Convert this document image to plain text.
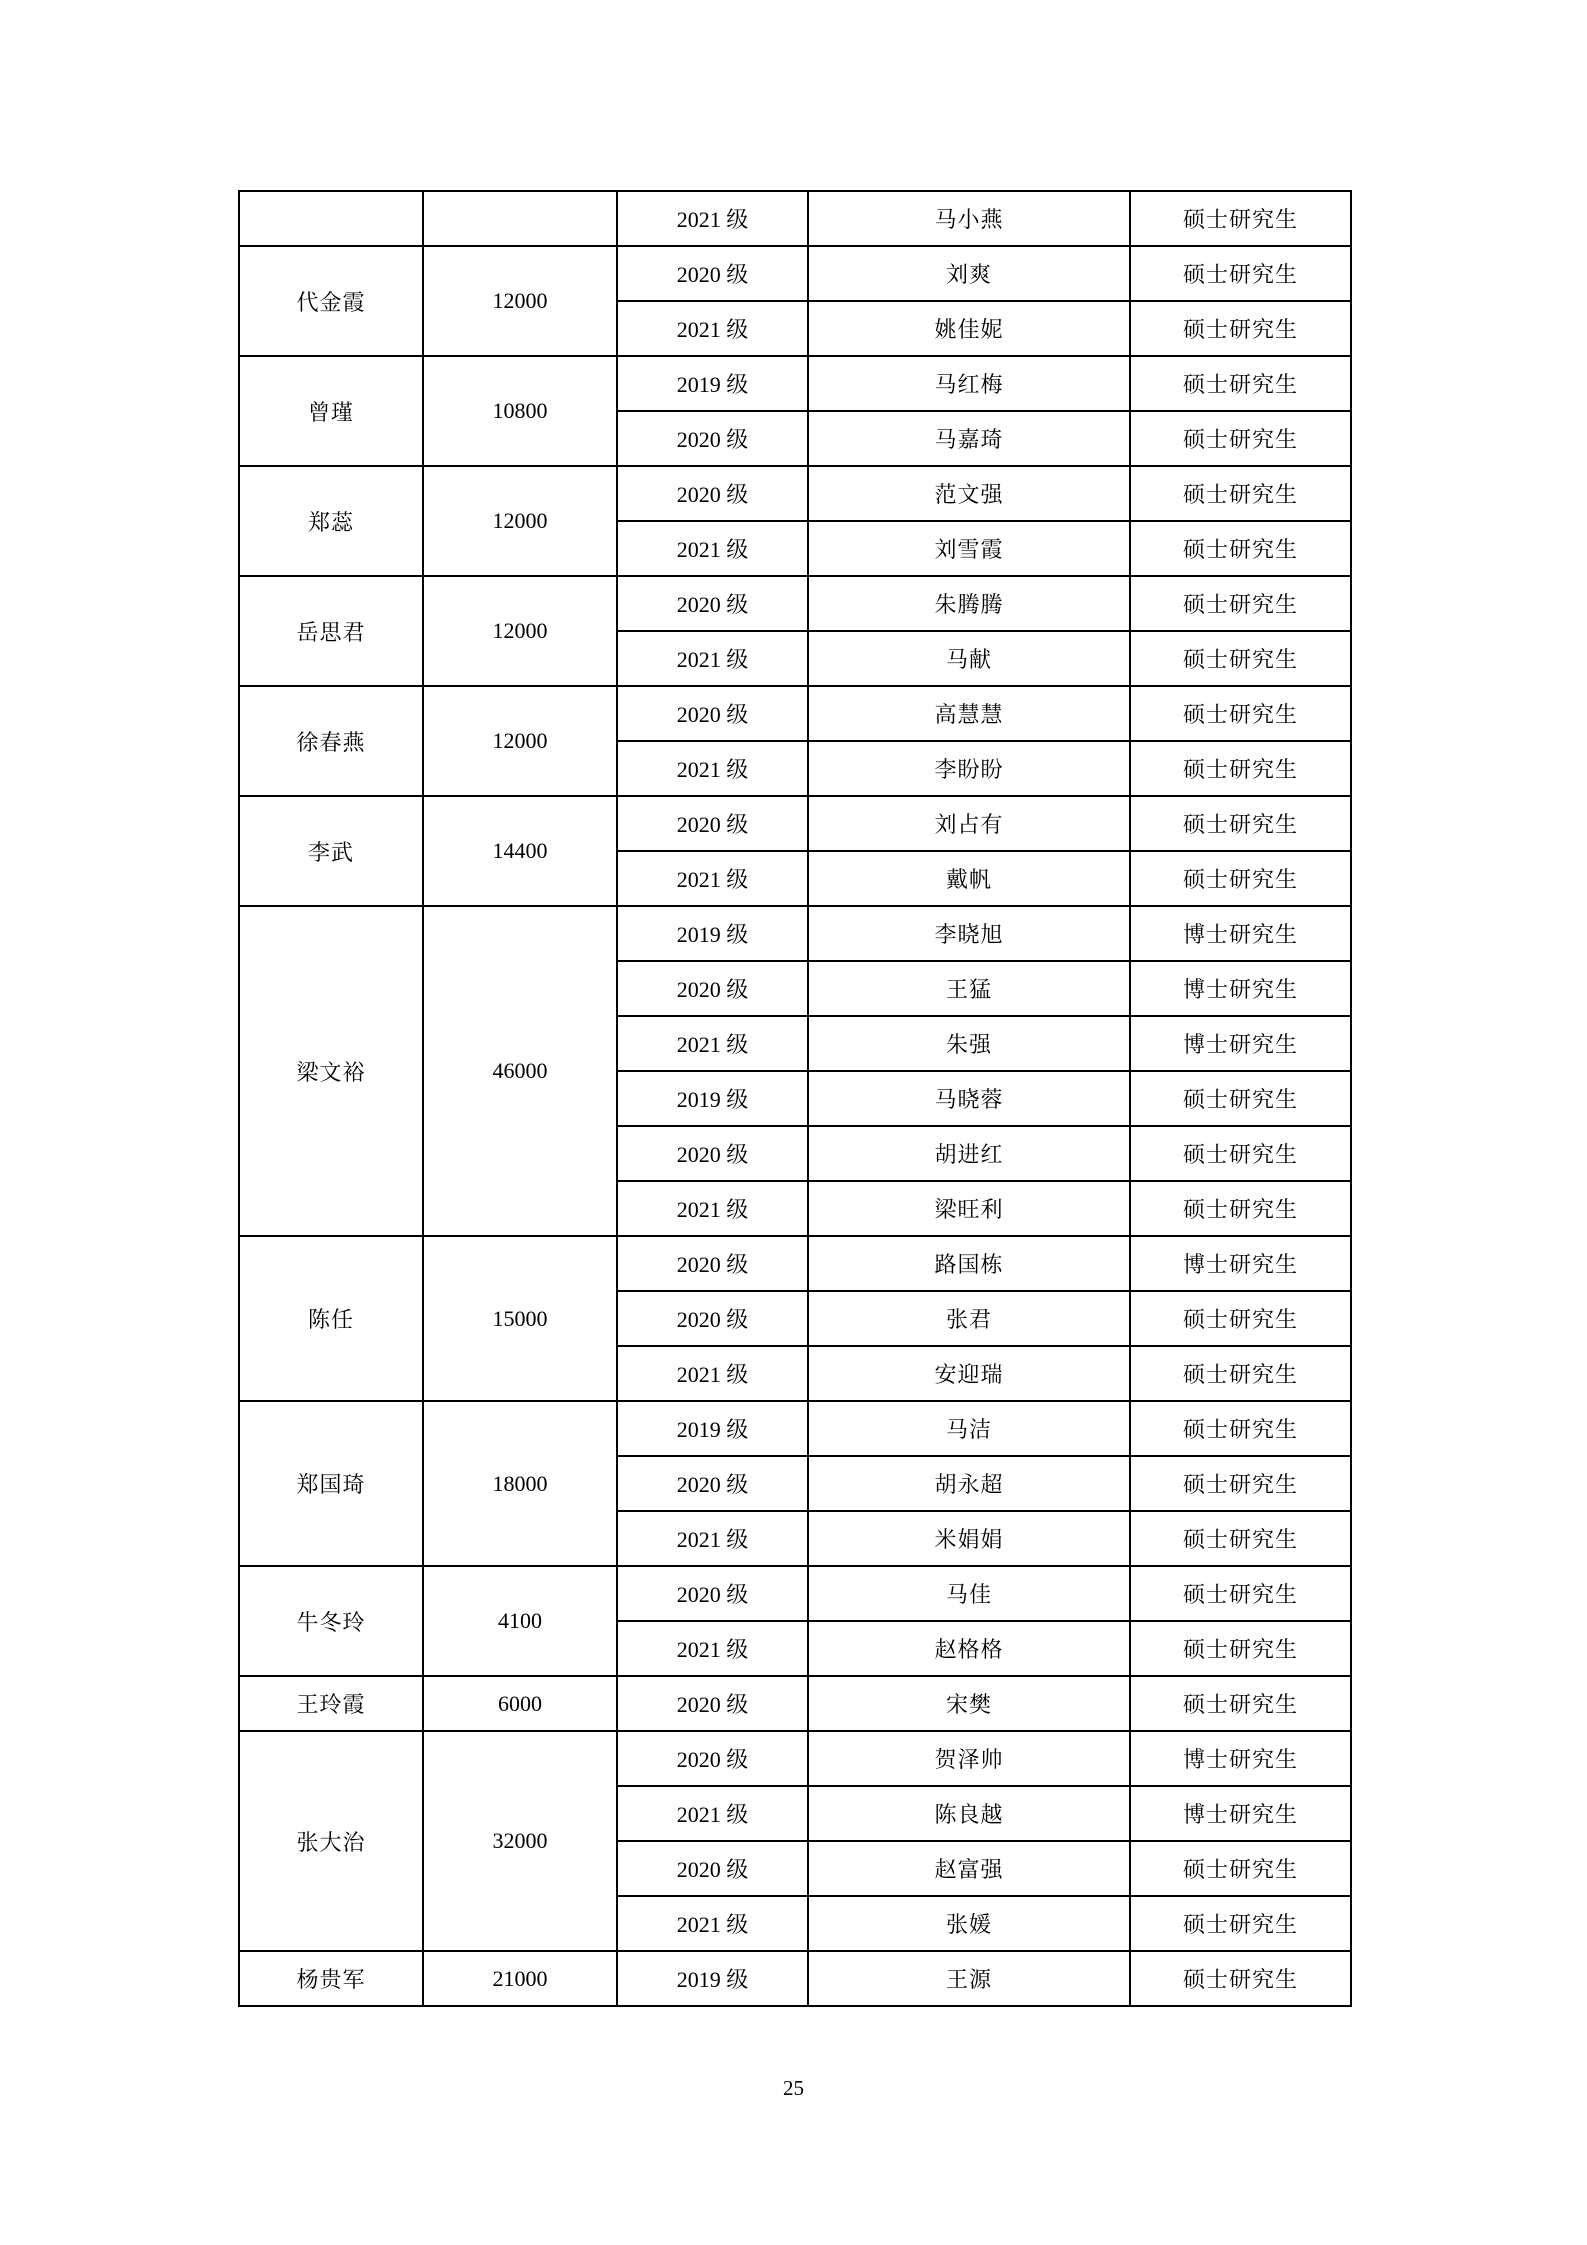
		2021 级	马小燕	硕士研究生
代金霞	12000	2020 级	刘爽	硕士研究生
		2021 级	姚佳妮	硕士研究生
曾瑾	10800	2019 级	马红梅	硕士研究生
		2020 级	马嘉琦	硕士研究生
郑蕊	12000	2020 级	范文强	硕士研究生
		2021 级	刘雪霞	硕士研究生
岳思君	12000	2020 级	朱腾腾	硕士研究生
		2021 级	马献	硕士研究生
徐春燕	12000	2020 级	高慧慧	硕士研究生
		2021 级	李盼盼	硕士研究生
李武	14400	2020 级	刘占有	硕士研究生
		2021 级	戴帆	硕士研究生
梁文裕	46000	2019 级	李晓旭	博士研究生
		2020 级	王猛	博士研究生
		2021 级	朱强	博士研究生
		2019 级	马晓蓉	硕士研究生
		2020 级	胡进红	硕士研究生
		2021 级	梁旺利	硕士研究生
陈任	15000	2020 级	路国栋	博士研究生
		2020 级	张君	硕士研究生
		2021 级	安迎瑞	硕士研究生
郑国琦	18000	2019 级	马洁	硕士研究生
		2020 级	胡永超	硕士研究生
		2021 级	米娟娟	硕士研究生
牛冬玲	4100	2020 级	马佳	硕士研究生
		2021 级	赵格格	硕士研究生
王玲霞	6000	2020 级	宋樊	硕士研究生
张大治	32000	2020 级	贺泽帅	博士研究生
		2021 级	陈良越	博士研究生
		2020 级	赵富强	硕士研究生
		2021 级	张媛	硕士研究生
杨贵军	21000	2019 级	王源	硕士研究生
25
